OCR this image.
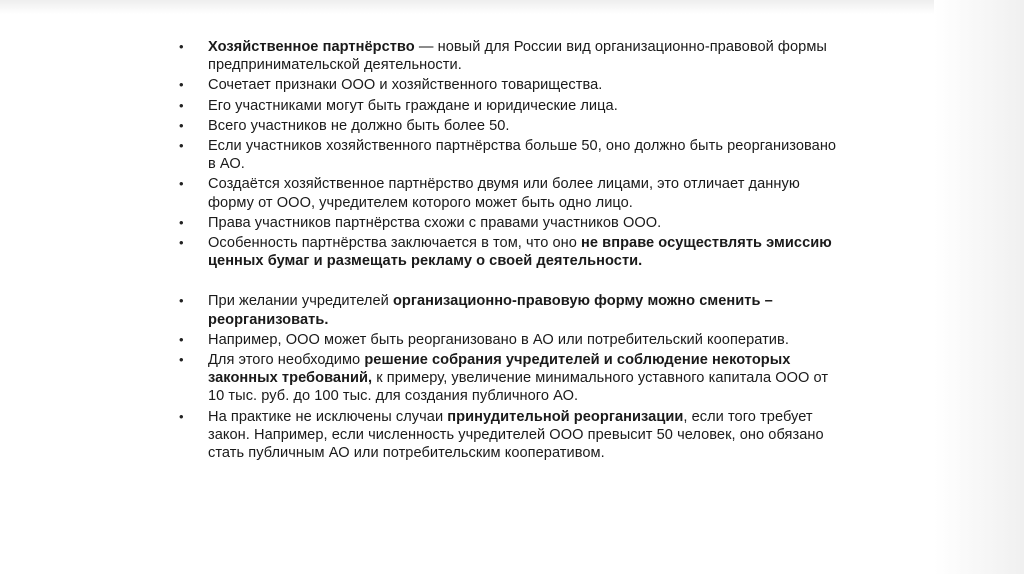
• Хозяйственное партнёрство — новый для России вид организационно-правовой формы предпринимательской деятельности.
• Сочетает признаки ООО и хозяйственного товарищества.
• Его участниками могут быть граждане и юридические лица.
• Всего участников не должно быть более 50.
• Если участников хозяйственного партнёрства больше 50, оно должно быть реорганизовано в АО.
• Создаётся хозяйственное партнёрство двумя или более лицами, это отличает данную форму от ООО, учредителем которого может быть одно лицо.
• Права участников партнёрства схожи с правами участников ООО.
• Особенность партнёрства заключается в том, что оно не вправе осуществлять эмиссию ценных бумаг и размещать рекламу о своей деятельности.
• При желании учредителей организационно-правовую форму можно сменить – реорганизовать.
• Например, ООО может быть реорганизовано в АО или потребительский кооператив.
• Для этого необходимо решение собрания учредителей и соблюдение некоторых законных требований, к примеру, увеличение минимального уставного капитала ООО от 10 тыс. руб. до 100 тыс. для создания публичного АО.
• На практике не исключены случаи принудительной реорганизации, если того требует закон. Например, если численность учредителей ООО превысит 50 человек, оно обязано стать публичным АО или потребительским кооперативом.
